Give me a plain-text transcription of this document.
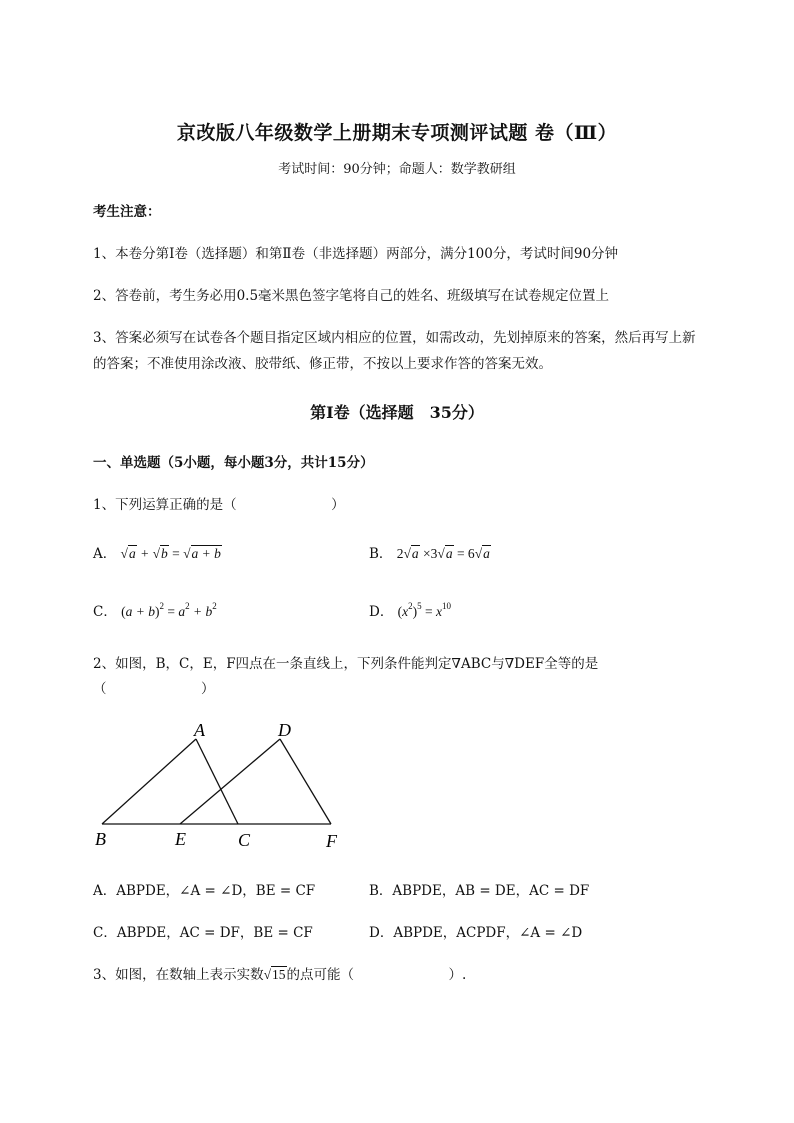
京改版八年级数学上册期末专项测评试题 卷（Ⅲ）
考试时间：90分钟；命题人：数学教研组
考生注意：
1、本卷分第Ⅰ卷（选择题）和第Ⅱ卷（非选择题）两部分，满分100分，考试时间90分钟
2、答卷前，考生务必用0.5毫米黑色签字笔将自己的姓名、班级填写在试卷规定位置上
3、答案必须写在试卷各个题目指定区域内相应的位置，如需改动，先划掉原来的答案，然后再写上新
的答案；不准使用涂改液、胶带纸、修正带，不按以上要求作答的答案无效。
第Ⅰ卷（选择题　35分）
一、单选题（5小题，每小题3分，共计15分）
1、下列运算正确的是（　　　　　　　）
A． √a + √b = √a + b	B． 2√a ×3√a = 6√a
C． $(a + b)^2 = a^2 + b^2$	D． $(x^2)^5 = x^{10}$
2、如图，B，C，E，F四点在一条直线上，下列条件能判定∇ABC与∇DEF全等的是
（　　　　　　　）
A	D
B	E	C	F
A．ABPDE，∠A = ∠D，BE = CF	B．ABPDE，AB = DE，AC = DF
C．ABPDE，AC = DF，BE = CF	D．ABPDE，ACPDF，∠A = ∠D
3、如图，在数轴上表示实数√15的点可能（　　　　　　　）.
